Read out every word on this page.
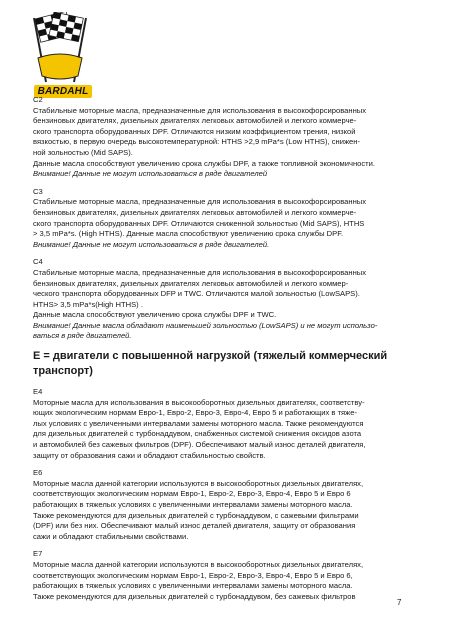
BARDAHL
C2
Стабильные моторные масла, предназначенные для использования в высокофорсированных
бензиновых двигателях, дизельных двигателях легковых автомобилей и легкого коммерче-
ского транспорта оборудованных DPF. Отличаются низким коэффициентом трения, низкой
вязкостью, в первую очередь высокотемпературной: HTHS >2,9 mPa*s (Low HTHS), снижен-
ной зольностью (Mid SAPS).
Данные масла способствуют увеличению срока службы DPF, а также топливной экономичности.
Внимание! Данные не могут использоваться в ряде двигателей
C3
Стабильные моторные масла, предназначенные для использования в высокофорсированных
бензиновых двигателях, дизельных двигателях легковых автомобилей и легкого коммерче-
ского транспорта оборудованных DPF. Отличаются сниженной зольностью (Mid SAPS), HTHS
> 3,5 mPa*s. (High HTHS). Данные масла способствуют увеличению срока службы DPF.
Внимание! Данные не могут использоваться в ряде двигателей.
C4
Стабильные моторные масла, предназначенные для использования в высокофорсированных
бензиновых двигателях, дизельных двигателях легковых автомобилей и легкого коммер-
ческого транспорта оборудованных DFP и TWC. Отличаются малой зольностью (LowSAPS).
HTHS> 3,5 mPa*s(High HTHS) .
Данные масла способствуют увеличению срока службы DPF и TWC.
Внимание! Данные масла обладают наименьшей зольностью (LowSAPS) и не могут использо-
ваться в ряде двигателей.
E = двигатели с повышенной нагрузкой (тяжелый коммерческий
транспорт)
E4
Моторные масла для использования в высокооборотных дизельных двигателях, соответству-
ющих экологическим нормам Евро-1, Евро-2, Евро-3, Евро-4, Евро 5 и работающих в тяже-
лых условиях с увеличенными интервалами замены моторного масла. Также рекомендуются
для дизельных двигателей с турбонаддувом, снабженных системой снижения оксидов азота
и автомобилей без сажевых фильтров (DPF). Обеспечивают малый износ деталей двигателя,
защиту от образования сажи и обладают стабильностью свойств.
E6
Моторные масла данной категории используются в высокооборотных дизельных двигателях,
соответствующих экологическим нормам Евро-1, Евро-2, Евро-3, Евро-4, Евро 5 и Евро 6
работающих в тяжелых условиях с увеличенными интервалами замены моторного масла.
Также рекомендуются для дизельных двигателей с турбонаддувом, с сажевыми фильтрами
(DPF) или без них. Обеспечивают малый износ деталей двигателя, защиту от образования
сажи и обладают стабильными свойствами.
E7
Моторные масла данной категории используются в высокооборотных дизельных двигателях,
соответствующих экологическим нормам Евро-1, Евро-2, Евро-3, Евро-4, Евро 5 и Евро 6,
работающих в тяжелых условиях с увеличенными интервалами замены моторного масла.
Также рекомендуются для дизельных двигателей с турбонаддувом, без сажевых фильтров
7
